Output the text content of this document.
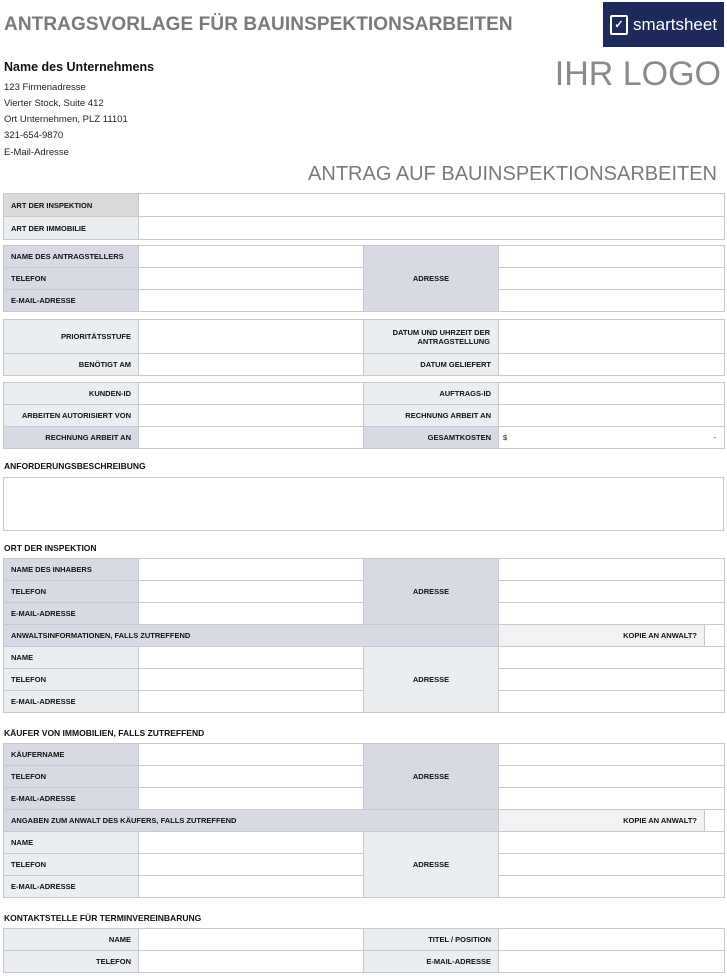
ANTRAGSVORLAGE FÜR BAUINSPEKTIONSARBEITEN	✓ smartsheet
IHR LOGO
Name des Unternehmens
123 Firmenadresse
Vierter Stock, Suite 412
Ort Unternehmen, PLZ 11101
321-654-9870
E-Mail-Adresse
ANTRAG AUF BAUINSPEKTIONSARBEITEN
ART DER INSPEKTION	
ART DER IMMOBILIE	
NAME DES ANTRAGSTELLERS		ADRESSE	
TELEFON			
E-MAIL-ADRESSE			
PRIORITÄTSSTUFE		DATUM UND UHRZEIT DER ANTRAGSTELLUNG	
BENÖTIGT AM		DATUM GELIEFERT	
KUNDEN-ID		AUFTRAGS-ID	
ARBEITEN AUTORISIERT VON		RECHNUNG ARBEIT AN	
RECHNUNG ARBEIT AN		GESAMTKOSTEN	$ -
ANFORDERUNGSBESCHREIBUNG
ORT DER INSPEKTION
NAME DES INHABERS		ADRESSE		
TELEFON				
E-MAIL-ADRESSE				
ANWALTSINFORMATIONEN, FALLS ZUTREFFEND			KOPIE AN ANWALT?	
NAME		ADRESSE		
TELEFON				
E-MAIL-ADRESSE				
KÄUFER VON IMMOBILIEN, FALLS ZUTREFFEND
KÄUFERNAME		ADRESSE		
TELEFON				
E-MAIL-ADRESSE				
ANGABEN ZUM ANWALT DES KÄUFERS, FALLS ZUTREFFEND			KOPIE AN ANWALT?	
NAME		ADRESSE		
TELEFON				
E-MAIL-ADRESSE				
KONTAKTSTELLE FÜR TERMINVEREINBARUNG
NAME		TITEL / POSITION	
TELEFON		E-MAIL-ADRESSE	
